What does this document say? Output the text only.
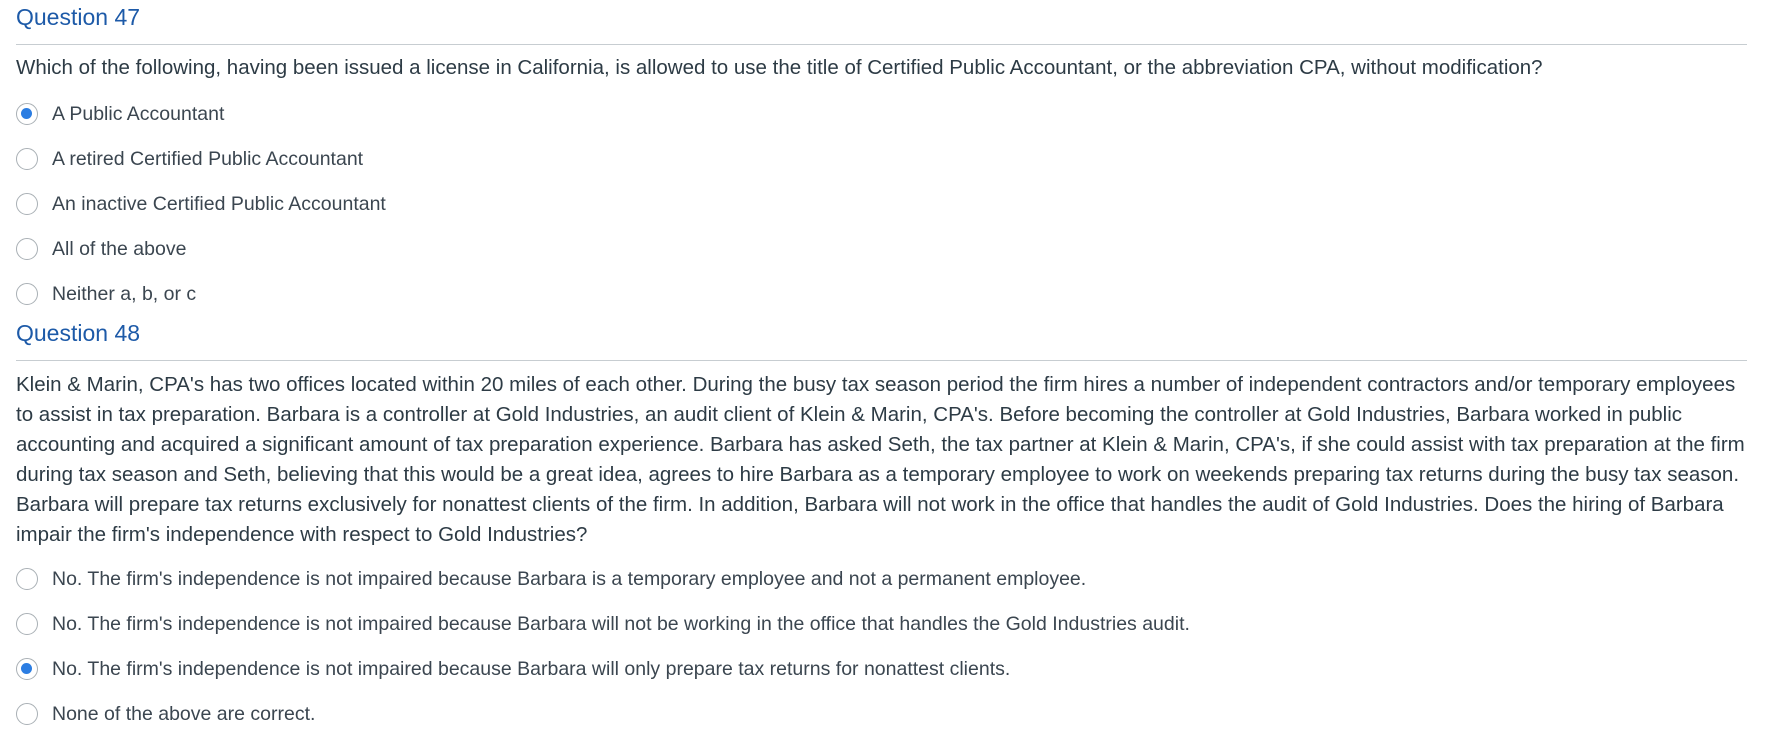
Question 47

Which of the following, having been issued a license in California, is allowed to use the title of Certified Public Accountant, or the abbreviation CPA, without modification?

A Public Accountant
A retired Certified Public Accountant
An inactive Certified Public Accountant
All of the above
Neither a, b, or c
Question 48

Klein & Marin, CPA's has two offices located within 20 miles of each other. During the busy tax season period the firm hires a number of independent contractors and/or temporary employees to assist in tax preparation. Barbara is a controller at Gold Industries, an audit client of Klein & Marin, CPA's. Before becoming the controller at Gold Industries, Barbara worked in public accounting and acquired a significant amount of tax preparation experience. Barbara has asked Seth, the tax partner at Klein & Marin, CPA's, if she could assist with tax preparation at the firm during tax season and Seth, believing that this would be a great idea, agrees to hire Barbara as a temporary employee to work on weekends preparing tax returns during the busy tax season. Barbara will prepare tax returns exclusively for nonattest clients of the firm. In addition, Barbara will not work in the office that handles the audit of Gold Industries. Does the hiring of Barbara impair the firm's independence with respect to Gold Industries?

No. The firm's independence is not impaired because Barbara is a temporary employee and not a permanent employee.
No. The firm's independence is not impaired because Barbara will not be working in the office that handles the Gold Industries audit.
No. The firm's independence is not impaired because Barbara will only prepare tax returns for nonattest clients.
None of the above are correct.
